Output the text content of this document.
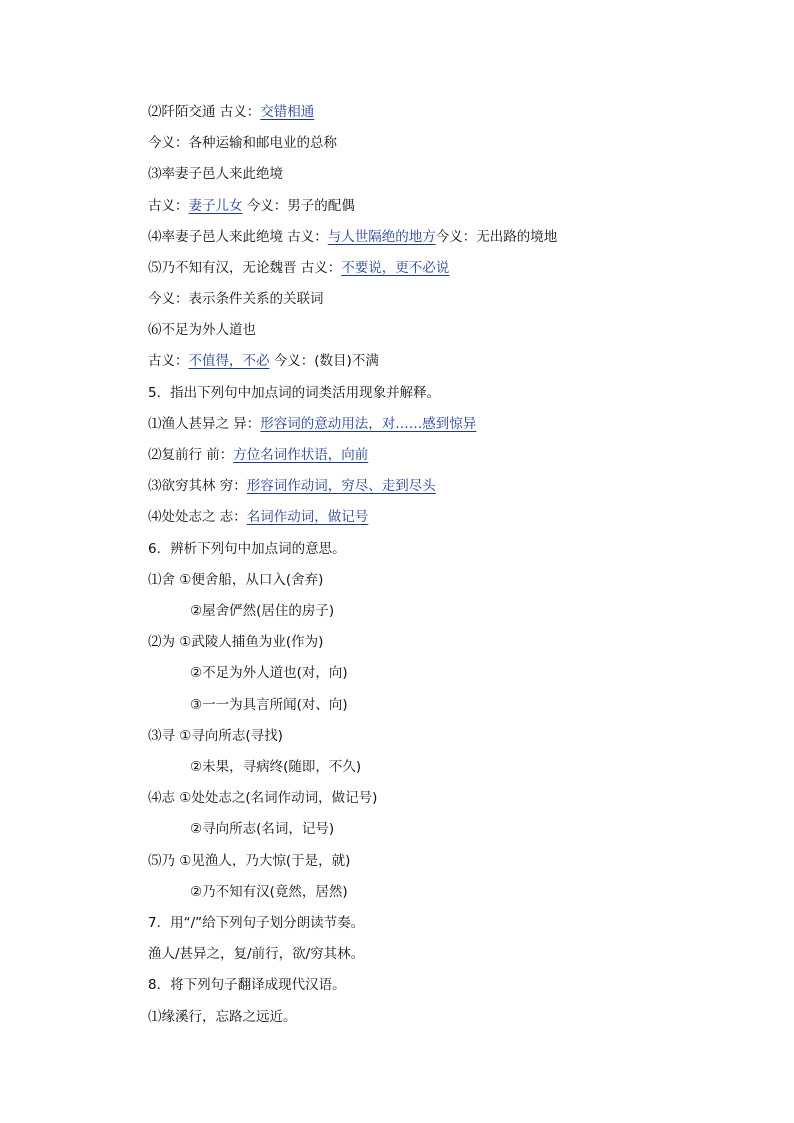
⑵阡陌交通 古义：交错相通
今义：各种运输和邮电业的总称
⑶率妻子邑人来此绝境
古义：妻子儿女 今义：男子的配偶
⑷率妻子邑人来此绝境 古义：与人世隔绝的地方今义：无出路的境地
⑸乃不知有汉，无论魏晋 古义：不要说，更不必说
今义：表示条件关系的关联词
⑹不足为外人道也
古义：不值得，不必 今义：(数目)不满
5．指出下列句中加点词的词类活用现象并解释。
⑴渔人甚异之 异：形容词的意动用法，对……感到惊异
⑵复前行 前：方位名词作状语，向前
⑶欲穷其林 穷：形容词作动词，穷尽、走到尽头
⑷处处志之 志：名词作动词，做记号
6．辨析下列句中加点词的意思。
⑴舍 ①便舍船，从口入(舍弃)
②屋舍俨然(居住的房子)
⑵为 ①武陵人捕鱼为业(作为)
②不足为外人道也(对，向)
③一一为具言所闻(对、向)
⑶寻 ①寻向所志(寻找)
②未果，寻病终(随即，不久)
⑷志 ①处处志之(名词作动词，做记号)
②寻向所志(名词，记号)
⑸乃 ①见渔人，乃大惊(于是，就)
②乃不知有汉(竟然，居然)
7．用“/”给下列句子划分朗读节奏。
渔人/甚异之，复/前行，欲/穷其林。
8．将下列句子翻译成现代汉语。
⑴缘溪行，忘路之远近。
